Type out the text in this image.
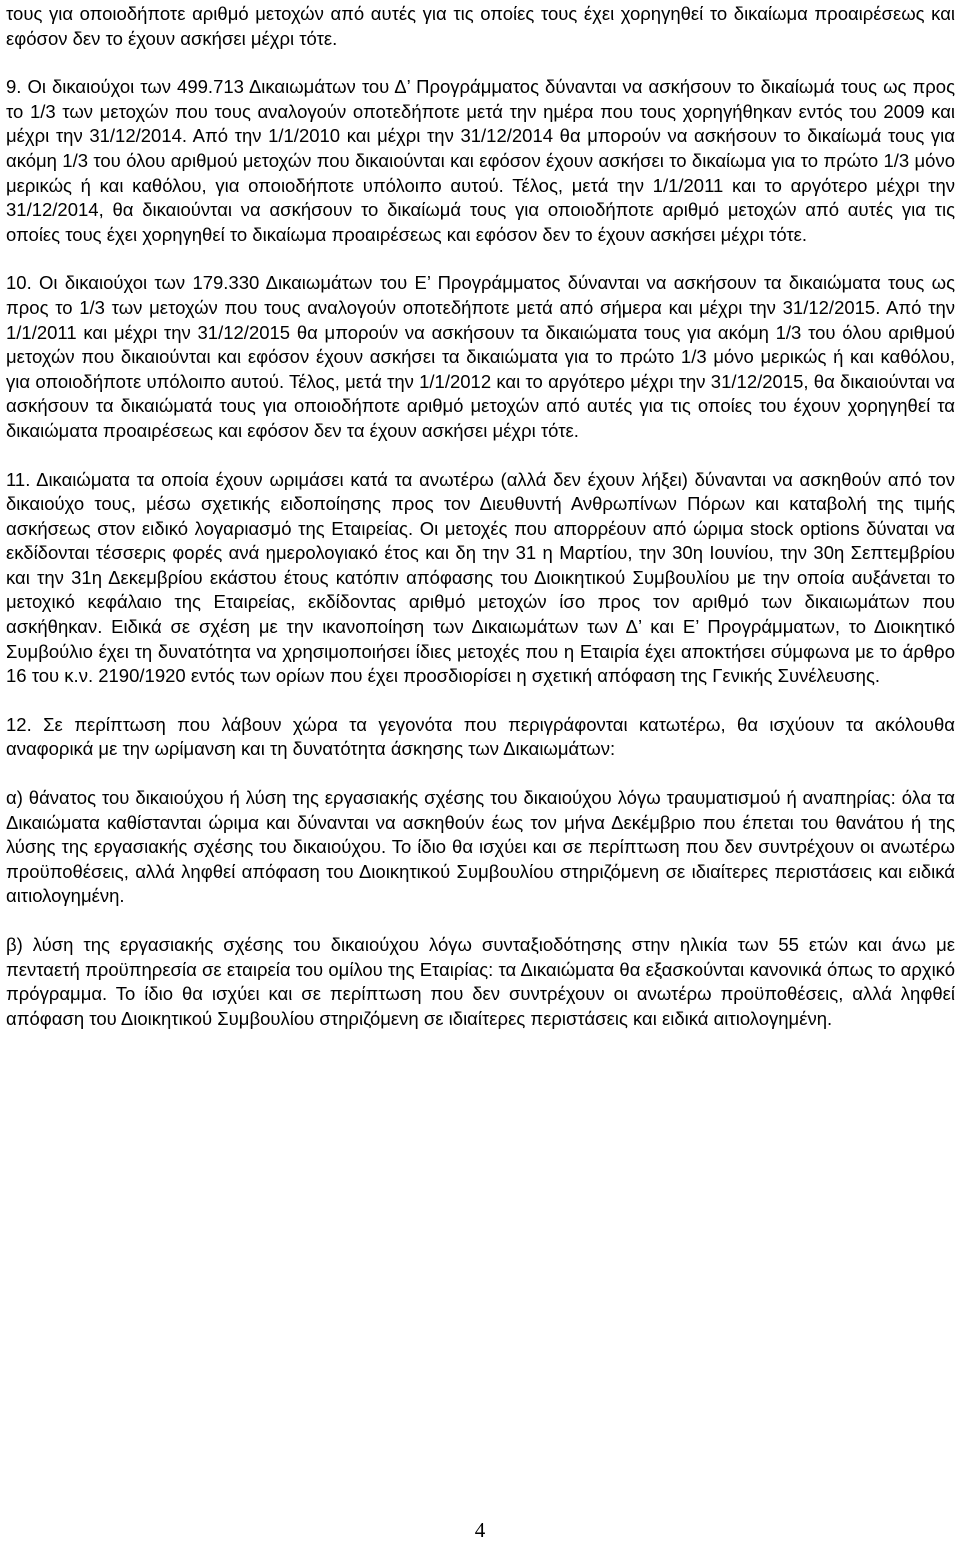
τους για οποιοδήποτε αριθμό μετοχών από αυτές για τις οποίες τους έχει χορηγηθεί το δικαίωμα προαιρέσεως και εφόσον δεν το έχουν ασκήσει μέχρι τότε.

9. Οι δικαιούχοι των 499.713 Δικαιωμάτων του Δ’ Προγράμματος δύνανται να ασκήσουν το δικαίωμά τους ως προς το 1/3 των μετοχών που τους αναλογούν οποτεδήποτε μετά την ημέρα που τους χορηγήθηκαν εντός του 2009 και μέχρι την 31/12/2014. Από την 1/1/2010 και μέχρι την 31/12/2014 θα μπορούν να ασκήσουν το δικαίωμά τους για ακόμη 1/3 του όλου αριθμού μετοχών που δικαιούνται και εφόσον έχουν ασκήσει το δικαίωμα για το πρώτο 1/3 μόνο μερικώς ή και καθόλου, για οποιοδήποτε υπόλοιπο αυτού. Τέλος, μετά την 1/1/2011 και το αργότερο μέχρι την 31/12/2014, θα δικαιούνται να ασκήσουν το δικαίωμά τους για οποιοδήποτε αριθμό μετοχών από αυτές για τις οποίες τους έχει χορηγηθεί το δικαίωμα προαιρέσεως και εφόσον δεν το έχουν ασκήσει μέχρι τότε.

10. Οι δικαιούχοι των 179.330 Δικαιωμάτων του Ε’ Προγράμματος δύνανται να ασκήσουν τα δικαιώματα τους ως προς το 1/3 των μετοχών που τους αναλογούν οποτεδήποτε μετά από σήμερα και μέχρι την 31/12/2015. Από την 1/1/2011 και μέχρι την 31/12/2015 θα μπορούν να ασκήσουν τα δικαιώματα τους για ακόμη 1/3 του όλου αριθμού μετοχών που δικαιούνται και εφόσον έχουν ασκήσει τα δικαιώματα για το πρώτο 1/3 μόνο μερικώς ή και καθόλου, για οποιοδήποτε υπόλοιπο αυτού. Τέλος, μετά την 1/1/2012 και το αργότερο μέχρι την 31/12/2015, θα δικαιούνται να ασκήσουν τα δικαιώματά τους για οποιοδήποτε αριθμό μετοχών από αυτές για τις οποίες του έχουν χορηγηθεί τα δικαιώματα προαιρέσεως και εφόσον δεν τα έχουν ασκήσει μέχρι τότε.

11. Δικαιώματα τα οποία έχουν ωριμάσει κατά τα ανωτέρω (αλλά δεν έχουν λήξει) δύνανται να ασκηθούν από τον δικαιούχο τους, μέσω σχετικής ειδοποίησης προς τον Διευθυντή Ανθρωπίνων Πόρων και καταβολή της τιμής ασκήσεως στον ειδικό λογαριασμό της Εταιρείας. Οι μετοχές που απορρέουν από ώριμα stock options δύναται να εκδίδονται τέσσερις φορές ανά ημερολογιακό έτος και δη την 31 η Μαρτίου, την 30η Ιουνίου, την 30η Σεπτεμβρίου και την 31η Δεκεμβρίου εκάστου έτους κατόπιν απόφασης του Διοικητικού Συμβουλίου με την οποία αυξάνεται το μετοχικό κεφάλαιο της Εταιρείας, εκδίδοντας αριθμό μετοχών ίσο προς τον αριθμό των δικαιωμάτων που ασκήθηκαν. Ειδικά σε σχέση με την ικανοποίηση των Δικαιωμάτων των Δ’ και Ε’ Προγράμματων, το Διοικητικό Συμβούλιο έχει τη δυνατότητα να χρησιμοποιήσει ίδιες μετοχές που η Εταιρία έχει αποκτήσει σύμφωνα με το άρθρο 16 του κ.ν. 2190/1920 εντός των ορίων που έχει προσδιορίσει η σχετική απόφαση της Γενικής Συνέλευσης.

12. Σε περίπτωση που λάβουν χώρα τα γεγονότα που περιγράφονται κατωτέρω, θα ισχύουν τα ακόλουθα αναφορικά με την ωρίμανση και τη δυνατότητα άσκησης των Δικαιωμάτων:

α) θάνατος του δικαιούχου ή λύση της εργασιακής σχέσης του δικαιούχου λόγω τραυματισμού ή αναπηρίας: όλα τα Δικαιώματα καθίστανται ώριμα και δύνανται να ασκηθούν έως τον μήνα Δεκέμβριο που έπεται του θανάτου ή της λύσης της εργασιακής σχέσης του δικαιούχου. Το ίδιο θα ισχύει και σε περίπτωση που δεν συντρέχουν οι ανωτέρω προϋποθέσεις, αλλά ληφθεί απόφαση του Διοικητικού Συμβουλίου στηριζόμενη σε ιδιαίτερες περιστάσεις και ειδικά αιτιολογημένη.

β) λύση της εργασιακής σχέσης του δικαιούχου λόγω συνταξιοδότησης στην ηλικία των 55 ετών και άνω με πενταετή προϋπηρεσία σε εταιρεία του ομίλου της Εταιρίας: τα Δικαιώματα θα εξασκούνται κανονικά όπως το αρχικό πρόγραμμα. Το ίδιο θα ισχύει και σε περίπτωση που δεν συντρέχουν οι ανωτέρω προϋποθέσεις, αλλά ληφθεί απόφαση του Διοικητικού Συμβουλίου στηριζόμενη σε ιδιαίτερες περιστάσεις και ειδικά αιτιολογημένη.

4
